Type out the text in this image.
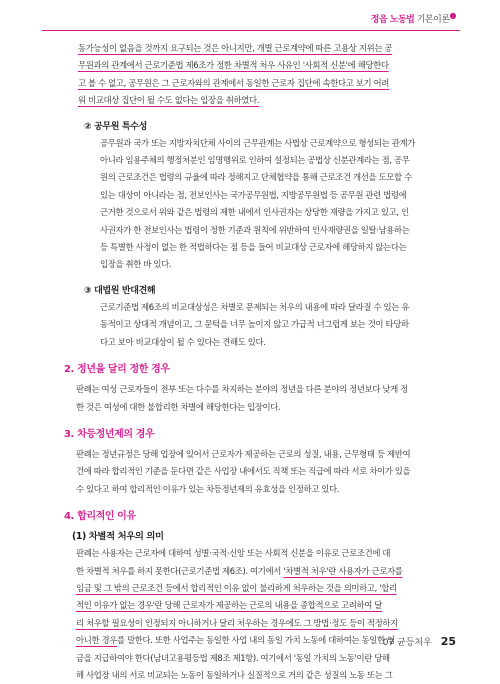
정읍 노동법 기본이론●

동가능성이 없음을 것까지 요구되는 것은 아니지만, 개별 근로계약에 따른 고용상 지위는 공
무원과의 관계에서 근로기준법 제6조가 정한 차별적 처우 사유인 '사회적 신분'에 해당한다
고 볼 수 없고, 공무원은 그 근로자와의 관계에서 동일한 근로자 집단에 속한다고 보기 어려
워 비교대상 집단이 될 수도 없다는 입장을 취하였다.

② 공무원 특수성

공무원과 국가 또는 지방자치단체 사이의 근무관계는 사법상 근로계약으로 형성되는 관계가
아니라 임용주체의 행정처분인 임명행위로 인하여 설정되는 공법상 신분관계라는 점, 공무
원의 근로조건은 법령의 규율에 따라 정해지고 단체협약을 통해 근로조건 개선을 도모할 수
있는 대상이 아니라는 점, 전보인사는 국가공무원법, 지방공무원법 등 공무원 관련 법령에
근거한 것으로서 위와 같은 법령의 제한 내에서 인사권자는 상당한 재량을 가지고 있고, 인
사권자가 한 전보인사는 법령이 정한 기준과 원칙에 위반하여 인사재량권을 일탈·남용하는
등 특별한 사정이 없는 한 적법하다는 점 등을 들어 비교대상 근로자에 해당하지 않는다는
입장을 취한 바 있다.

③ 대법원 반대견해

근로기준법 제6조의 비교대상성은 차별로 문제되는 처우의 내용에 따라 달라질 수 있는 유
동적이고 상대적 개념이고, 그 문턱을 너무 높이지 않고 가급적 너그럽게 보는 것이 타당하
다고 보아 비교대상이 될 수 있다는 견해도 있다.

2. 정년을 달리 정한 경우

판례는 여성 근로자들이 전부 또는 다수를 차지하는 분야의 정년을 다른 분야의 정년보다 낮게 정
한 것은 여성에 대한 불합리한 차별에 해당한다는 입장이다.

3. 차등정년제의 경우

판례는 정년규정은 당해 업장에 있어서 근로자가 제공하는 근로의 성질, 내용, 근무형태 등 제반여
건에 따라 합리적인 기준을 둔다면 같은 사업장 내에서도 직책 또는 직급에 따라 서로 차이가 있을
수 있다고 하여 합리적인 이유가 있는 차등정년제의 유효성을 인정하고 있다.

4. 합리적인 이유
(1) 차별적 처우의 의미

판례는 사용자는 근로자에 대하여 성별·국적·신앙 또는 사회적 신분을 이유로 근로조건에 대
한 차별적 처우를 하지 못한다(근로기준법 제6조). 여기에서 '차별적 처우'란 사용자가 근로자를
임금 및 그 밖의 근로조건 등에서 합리적인 이유 없이 불리하게 처우하는 것을 의미하고, '합리
적인 이유가 없는 경우'란 당해 근로자가 제공하는 근로의 내용을 종합적으로 고려하여 달
리 처우할 필요성이 인정되지 아니하거나 달리 처우하는 경우에도 그 방법·정도 등이 적정하지
아니한 경우를 말한다. 또한 사업주는 동일한 사업 내의 동일 가치 노동에 대하여는 동일한 임
금을 지급하여야 한다(남녀고용평등법 제8조 제1항). 여기에서 '동일 가치의 노동'이란 당해
해 사업장 내의 서로 비교되는 노동이 동일하거나 실질적으로 거의 같은 성질의 노동 또는 그

07 균등처우 25
